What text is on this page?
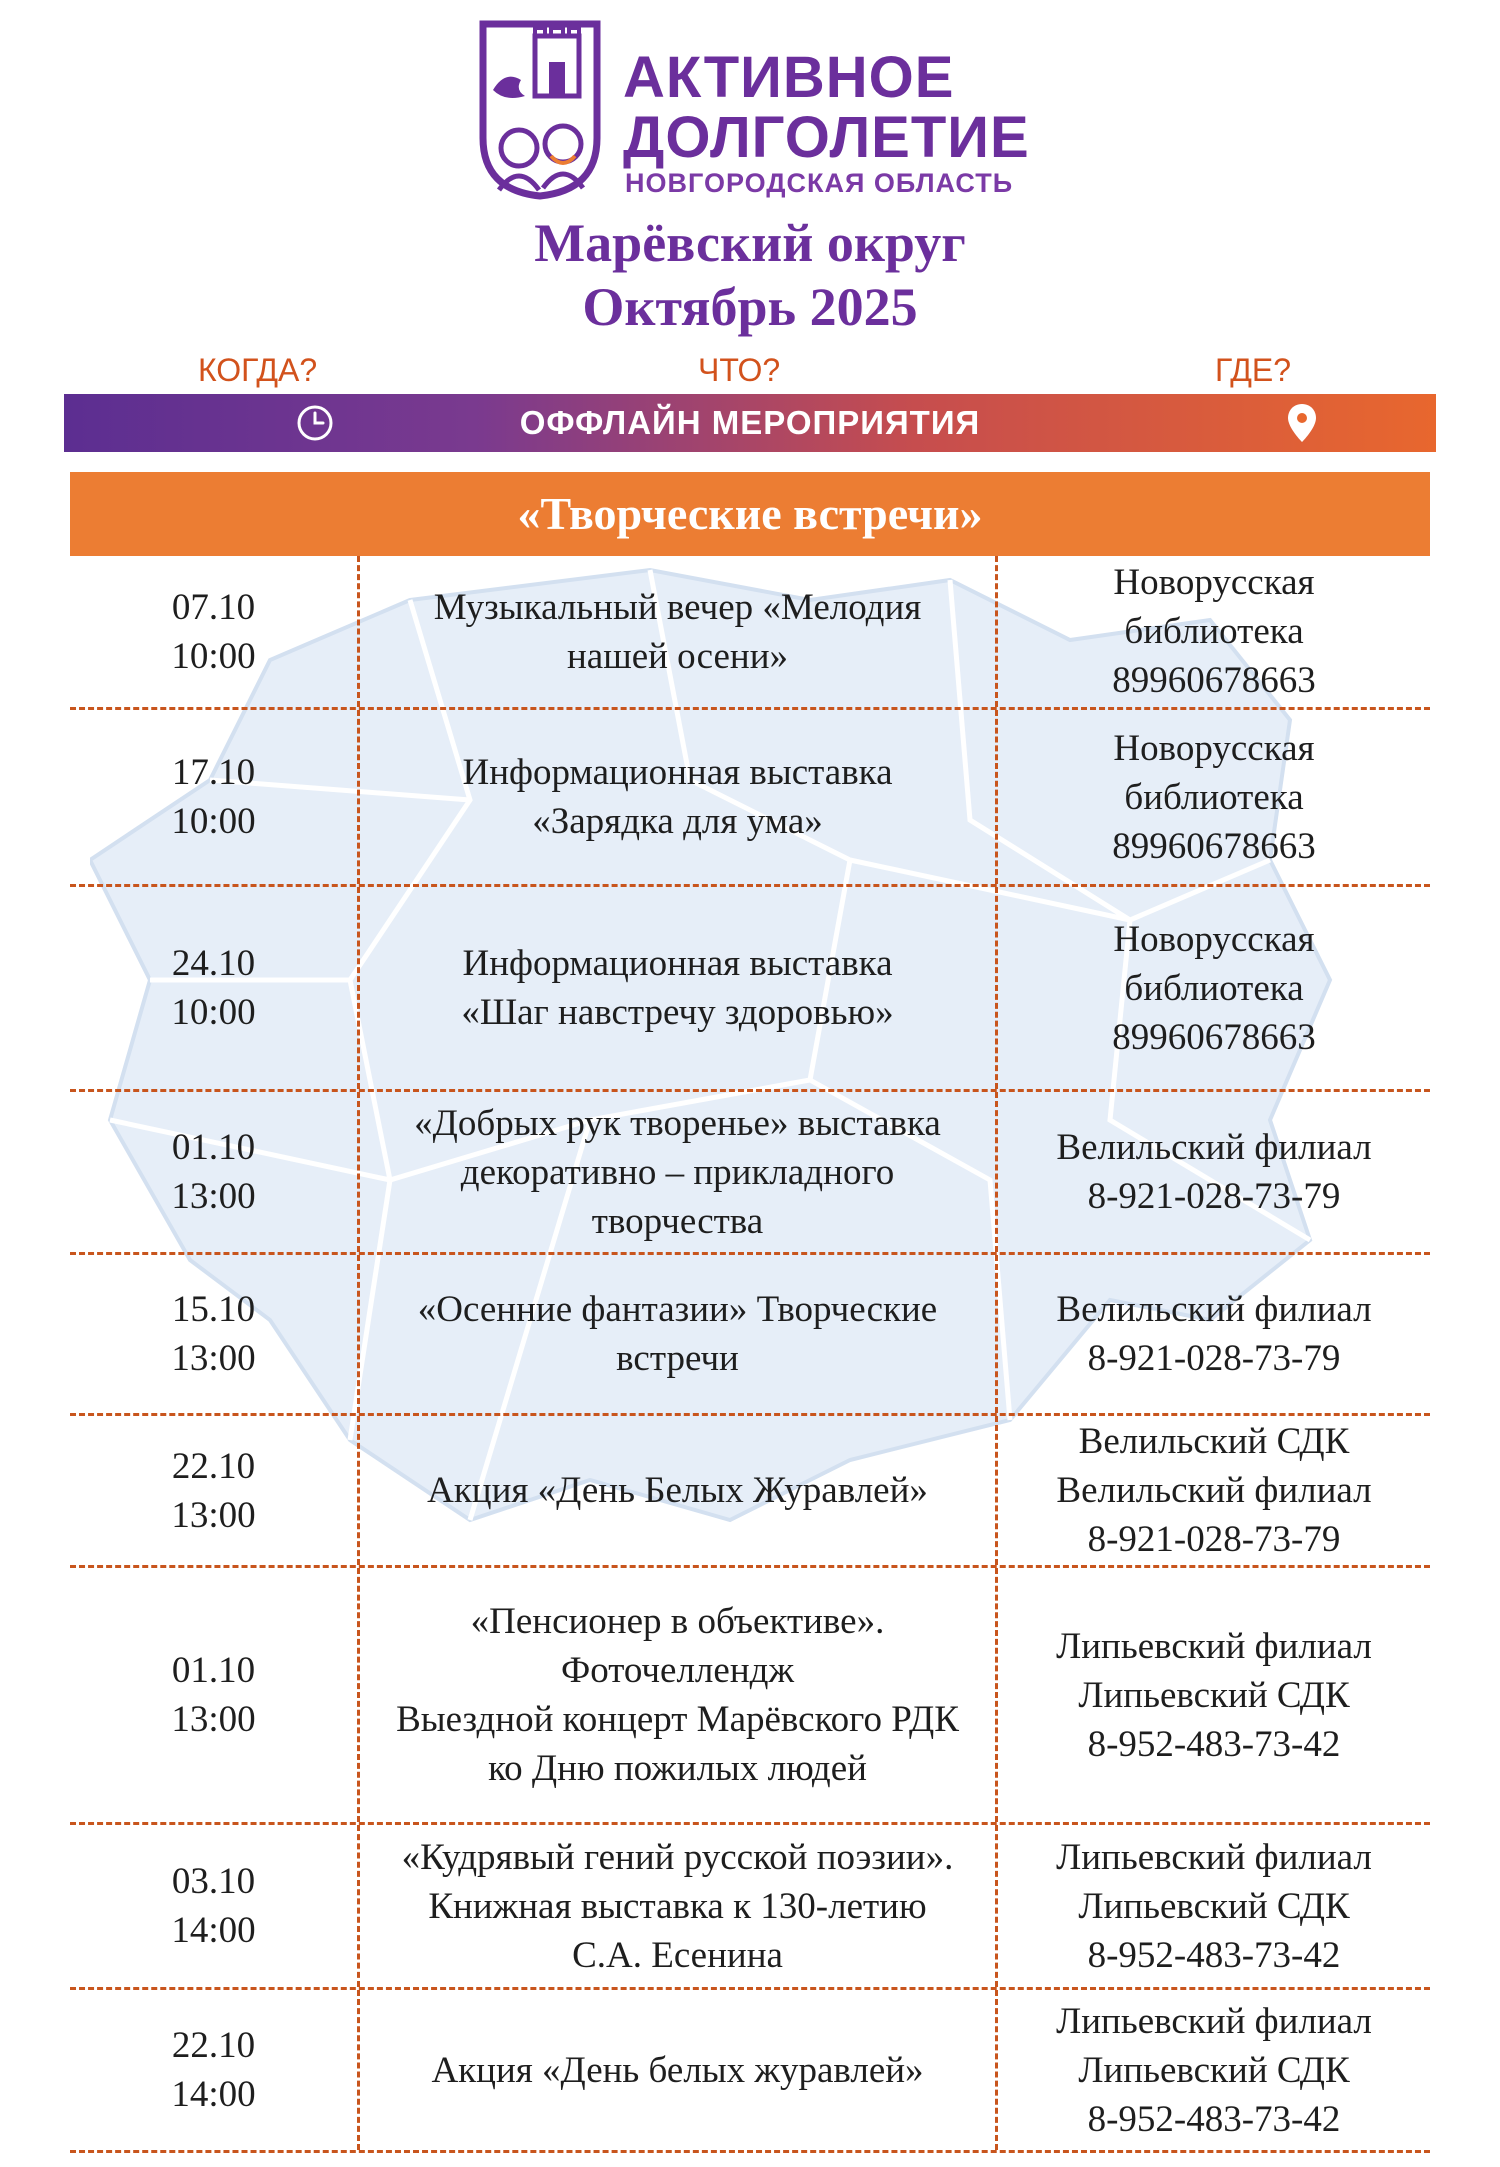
АКТИВНОЕ
ДОЛГОЛЕТИЕ
НОВГОРОДСКАЯ ОБЛАСТЬ
Марёвский округ
Октябрь 2025
КОГДА?	ЧТО?	ГДЕ?
ОФФЛАЙН МЕРОПРИЯТИЯ
«Творческие встречи»
07.10
10:00
Музыкальный вечер «Мелодия
нашей осени»
Новорусская
библиотека
89960678663
17.10
10:00
Информационная выставка
«Зарядка для ума»
Новорусская
библиотека
89960678663
24.10
10:00
Информационная выставка
«Шаг навстречу здоровью»
Новорусская
библиотека
89960678663
01.10
13:00
«Добрых рук творенье» выставка
декоративно – прикладного
творчества
Велильский филиал
8-921-028-73-79
15.10
13:00
«Осенние фантазии» Творческие
встречи
Велильский филиал
8-921-028-73-79
22.10
13:00
Акция «День Белых Журавлей»
Велильский СДК
Велильский филиал
8-921-028-73-79
01.10
13:00
«Пенсионер в объективе».
Фоточеллендж
Выездной концерт Марёвского РДК
ко Дню пожилых людей
Липьевский филиал
Липьевский СДК
8-952-483-73-42
03.10
14:00
«Кудрявый гений русской поэзии».
Книжная выставка к 130-летию
С.А. Есенина
Липьевский филиал
Липьевский СДК
8-952-483-73-42
22.10
14:00
Акция «День белых журавлей»
Липьевский филиал
Липьевский СДК
8-952-483-73-42
